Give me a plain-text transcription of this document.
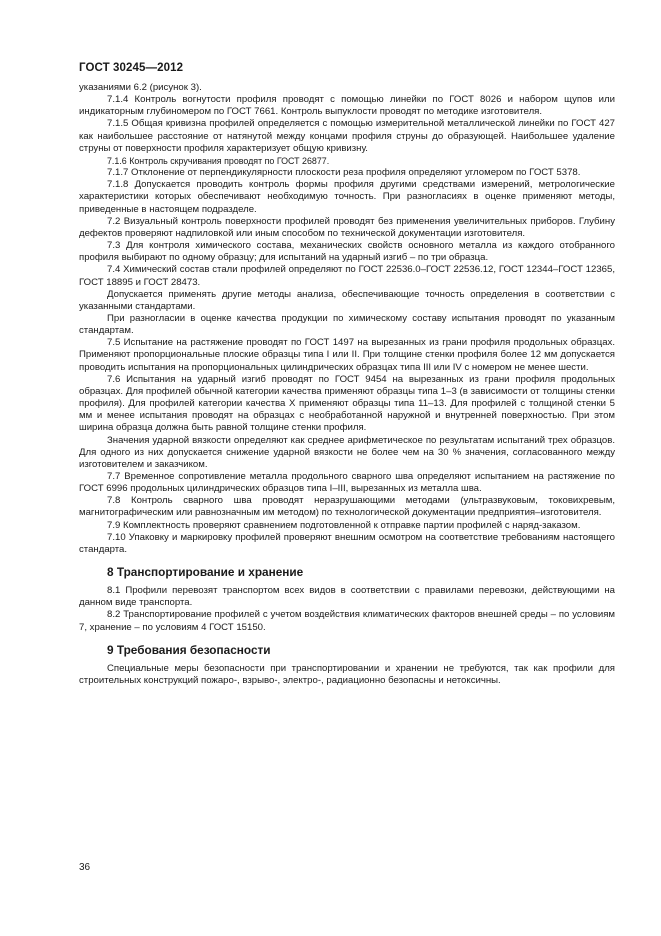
ГОСТ 30245—2012

указаниями 6.2 (рисунок 3).

7.1.4 Контроль вогнутости профиля проводят с помощью линейки по ГОСТ 8026 и набором щупов или индикаторным глубиномером по ГОСТ 7661. Контроль выпуклости проводят по методике изготовителя.

7.1.5 Общая кривизна профилей определяется с помощью измерительной металлической линейки по ГОСТ 427 как наибольшее расстояние от натянутой между концами профиля струны до образующей. Наибольшее удаление струны от поверхности профиля характеризует общую кривизну.

7.1.6 Контроль скручивания проводят по ГОСТ 26877.

7.1.7 Отклонение от перпендикулярности плоскости реза профиля определяют угломером по ГОСТ 5378.

7.1.8 Допускается проводить контроль формы профиля другими средствами измерений, метрологические характеристики которых обеспечивают необходимую точность. При разногласиях в оценке применяют методы, приведенные в настоящем подразделе.

7.2 Визуальный контроль поверхности профилей проводят без применения увеличительных приборов. Глубину дефектов проверяют надпиловкой или иным способом по технической документации изготовителя.

7.3 Для контроля химического состава, механических свойств основного металла из каждого отобранного профиля выбирают по одному образцу; для испытаний на ударный изгиб – по три образца.

7.4 Химический состав стали профилей определяют по ГОСТ 22536.0–ГОСТ 22536.12, ГОСТ 12344–ГОСТ 12365, ГОСТ 18895 и ГОСТ 28473.

Допускается применять другие методы анализа, обеспечивающие точность определения в соответствии с указанными стандартами.

При разногласии в оценке качества продукции по химическому составу испытания проводят по указанным стандартам.

7.5 Испытание на растяжение проводят по ГОСТ 1497 на вырезанных из грани профиля продольных образцах. Применяют пропорциональные плоские образцы типа I или II. При толщине стенки профиля более 12 мм допускается проводить испытания на пропорциональных цилиндрических образцах типа III или IV с номером не менее шести.

7.6 Испытания на ударный изгиб проводят по ГОСТ 9454 на вырезанных из грани профиля продольных образцах. Для профилей обычной категории качества применяют образцы типа 1–3 (в зависимости от толщины стенки профиля). Для профилей категории качества Х применяют образцы типа 11–13. Для профилей с толщиной стенки 5 мм и менее испытания проводят на образцах с необработанной наружной и внутренней поверхностью. При этом ширина образца должна быть равной толщине стенки профиля.

Значения ударной вязкости определяют как среднее арифметическое по результатам испытаний трех образцов. Для одного из них допускается снижение ударной вязкости не более чем на 30 % значения, согласованного между изготовителем и заказчиком.

7.7 Временное сопротивление металла продольного сварного шва определяют испытанием на растяжение по ГОСТ 6996 продольных цилиндрических образцов типа I–III, вырезанных из металла шва.

7.8 Контроль сварного шва проводят неразрушающими методами (ультразвуковым, токовихревым, магнитографическим или равнозначным им методом) по технологической документации предприятия–изготовителя.

7.9 Комплектность проверяют сравнением подготовленной к отправке партии профилей с наряд-заказом.

7.10 Упаковку и маркировку профилей проверяют внешним осмотром на соответствие требованиям настоящего стандарта.

8 Транспортирование и хранение

8.1 Профили перевозят транспортом всех видов в соответствии с правилами перевозки, действующими на данном виде транспорта.

8.2 Транспортирование профилей с учетом воздействия климатических факторов внешней среды – по условиям 7, хранение – по условиям 4 ГОСТ 15150.

9 Требования безопасности

Специальные меры безопасности при транспортировании и хранении не требуются, так как профили для строительных конструкций пожаро-, взрыво-, электро-, радиационно безопасны и нетоксичны.

36
